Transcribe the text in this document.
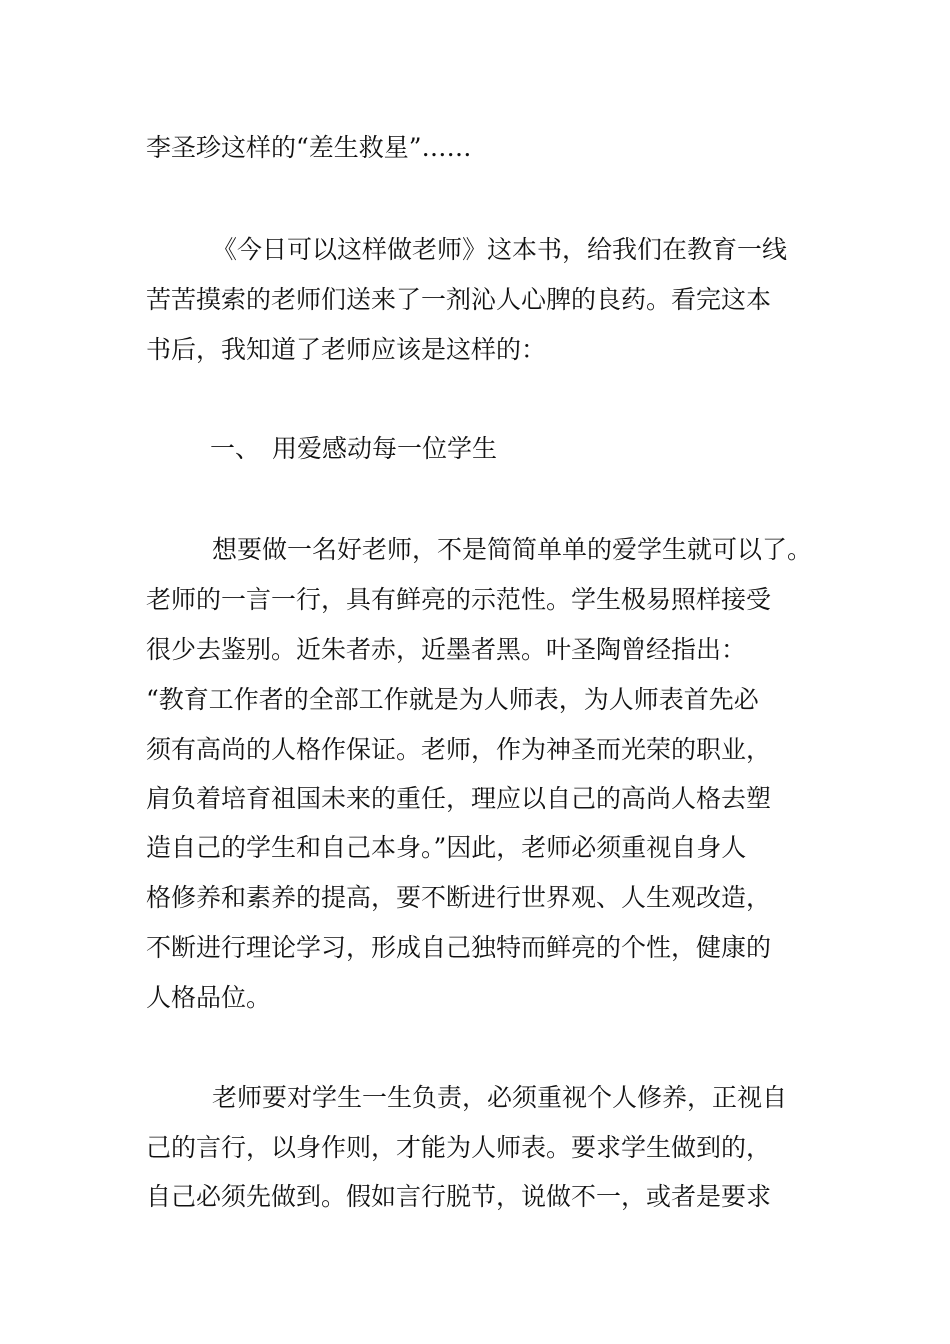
李圣珍这样的“差生救星”……
《今日可以这样做老师》这本书，给我们在教育一线
苦苦摸索的老师们送来了一剂沁人心脾的良药。看完这本
书后，我知道了老师应该是这样的：
一、 用爱感动每一位学生
想要做一名好老师，不是简简单单的爱学生就可以了。
老师的一言一行，具有鲜亮的示范性。学生极易照样接受
很少去鉴别。近朱者赤，近墨者黑。叶圣陶曾经指出：
“教育工作者的全部工作就是为人师表，为人师表首先必
须有高尚的人格作保证。老师，作为神圣而光荣的职业，
肩负着培育祖国未来的重任，理应以自己的高尚人格去塑
造自己的学生和自己本身。”因此，老师必须重视自身人
格修养和素养的提高，要不断进行世界观、人生观改造，
不断进行理论学习，形成自己独特而鲜亮的个性，健康的
人格品位。
老师要对学生一生负责，必须重视个人修养，正视自
己的言行，以身作则，才能为人师表。要求学生做到的，
自己必须先做到。假如言行脱节，说做不一，或者是要求
